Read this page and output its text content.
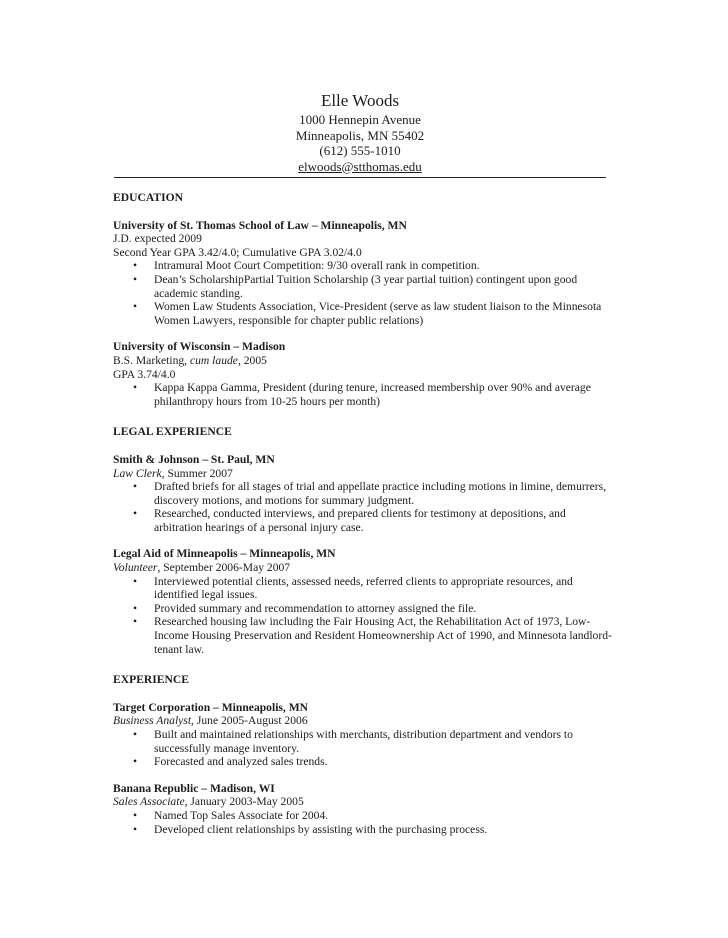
Elle Woods
1000 Hennepin Avenue
Minneapolis, MN 55402
(612) 555-1010
elwoods@stthomas.edu
EDUCATION
University of St. Thomas School of Law – Minneapolis, MN
J.D. expected 2009
Second Year GPA 3.42/4.0; Cumulative GPA 3.02/4.0
• Intramural Moot Court Competition: 9/30 overall rank in competition.
• Dean’s ScholarshipPartial Tuition Scholarship (3 year partial tuition) contingent upon good academic standing.
• Women Law Students Association, Vice-President (serve as law student liaison to the Minnesota Women Lawyers, responsible for chapter public relations)
University of Wisconsin – Madison
B.S. Marketing, cum laude, 2005
GPA 3.74/4.0
• Kappa Kappa Gamma, President (during tenure, increased membership over 90% and average philanthropy hours from 10-25 hours per month)
LEGAL EXPERIENCE
Smith & Johnson – St. Paul, MN
Law Clerk, Summer 2007
• Drafted briefs for all stages of trial and appellate practice including motions in limine, demurrers, discovery motions, and motions for summary judgment.
• Researched, conducted interviews, and prepared clients for testimony at depositions, and arbitration hearings of a personal injury case.
Legal Aid of Minneapolis – Minneapolis, MN
Volunteer, September 2006-May 2007
• Interviewed potential clients, assessed needs, referred clients to appropriate resources, and identified legal issues.
• Provided summary and recommendation to attorney assigned the file.
• Researched housing law including the Fair Housing Act, the Rehabilitation Act of 1973, Low-Income Housing Preservation and Resident Homeownership Act of 1990, and Minnesota landlord-tenant law.
EXPERIENCE
Target Corporation – Minneapolis, MN
Business Analyst, June 2005-August 2006
• Built and maintained relationships with merchants, distribution department and vendors to successfully manage inventory.
• Forecasted and analyzed sales trends.
Banana Republic – Madison, WI
Sales Associate, January 2003-May 2005
• Named Top Sales Associate for 2004.
• Developed client relationships by assisting with the purchasing process.
